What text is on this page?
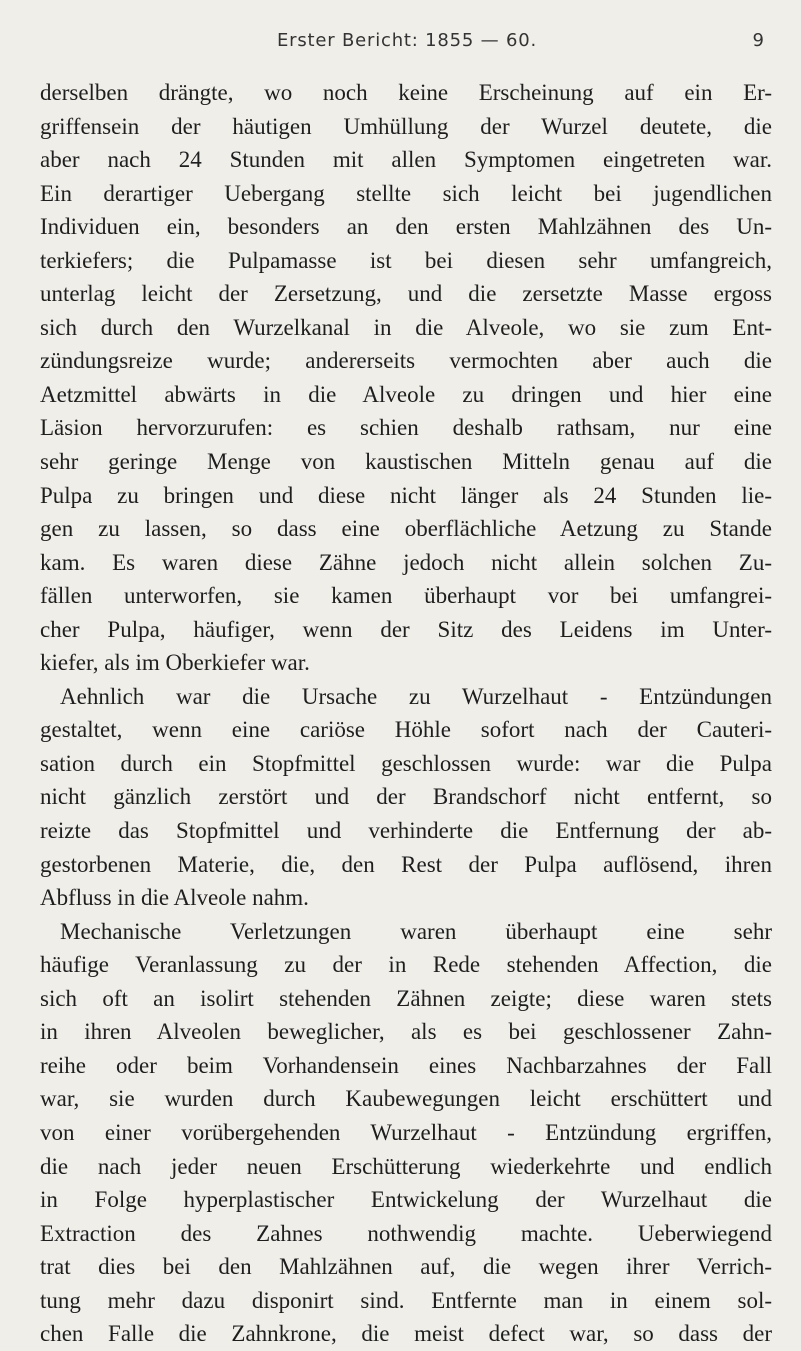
Erster Bericht: 1855 — 60.	9
derselben drängte, wo noch keine Erscheinung auf ein Er-
griffensein der häutigen Umhüllung der Wurzel deutete, die
aber nach 24 Stunden mit allen Symptomen eingetreten war.
Ein derartiger Uebergang stellte sich leicht bei jugendlichen
Individuen ein, besonders an den ersten Mahlzähnen des Un-
terkiefers; die Pulpamasse ist bei diesen sehr umfangreich,
unterlag leicht der Zersetzung, und die zersetzte Masse ergoss
sich durch den Wurzelkanal in die Alveole, wo sie zum Ent-
zündungsreize wurde; andererseits vermochten aber auch die
Aetzmittel abwärts in die Alveole zu dringen und hier eine
Läsion hervorzurufen: es schien deshalb rathsam, nur eine
sehr geringe Menge von kaustischen Mitteln genau auf die
Pulpa zu bringen und diese nicht länger als 24 Stunden lie-
gen zu lassen, so dass eine oberflächliche Aetzung zu Stande
kam. Es waren diese Zähne jedoch nicht allein solchen Zu-
fällen unterworfen, sie kamen überhaupt vor bei umfangrei-
cher Pulpa, häufiger, wenn der Sitz des Leidens im Unter-
kiefer, als im Oberkiefer war.
Aehnlich war die Ursache zu Wurzelhaut - Entzündungen
gestaltet, wenn eine cariöse Höhle sofort nach der Cauteri-
sation durch ein Stopfmittel geschlossen wurde: war die Pulpa
nicht gänzlich zerstört und der Brandschorf nicht entfernt, so
reizte das Stopfmittel und verhinderte die Entfernung der ab-
gestorbenen Materie, die, den Rest der Pulpa auflösend, ihren
Abfluss in die Alveole nahm.
Mechanische Verletzungen waren überhaupt eine sehr
häufige Veranlassung zu der in Rede stehenden Affection, die
sich oft an isolirt stehenden Zähnen zeigte; diese waren stets
in ihren Alveolen beweglicher, als es bei geschlossener Zahn-
reihe oder beim Vorhandensein eines Nachbarzahnes der Fall
war, sie wurden durch Kaubewegungen leicht erschüttert und
von einer vorübergehenden Wurzelhaut - Entzündung ergriffen,
die nach jeder neuen Erschütterung wiederkehrte und endlich
in Folge hyperplastischer Entwickelung der Wurzelhaut die
Extraction des Zahnes nothwendig machte. Ueberwiegend
trat dies bei den Mahlzähnen auf, die wegen ihrer Verrich-
tung mehr dazu disponirt sind. Entfernte man in einem sol-
chen Falle die Zahnkrone, die meist defect war, so dass der
